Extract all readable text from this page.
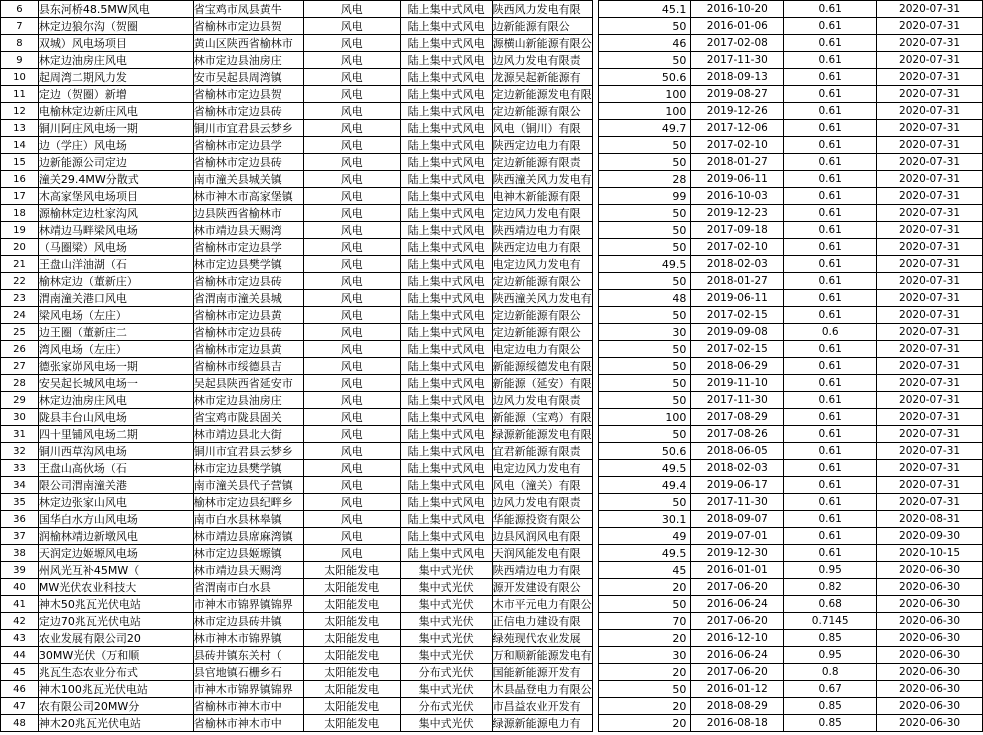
6	县东河桥48.5MW风电	省宝鸡市凤县黄牛	风电	陆上集中式风电	陕西风力发电有限		45.1	2016-10-20	0.61	2020-07-31
7	林定边狼尔沟（贺圈	省榆林市定边县贺	风电	陆上集中式风电	边新能源有限公		50	2016-01-06	0.61	2020-07-31
8	双城）风电场项目	黄山区陕西省榆林市	风电	陆上集中式风电	源横山新能源有限公		46	2017-02-08	0.61	2020-07-31
9	林定边油房庄风电	林市定边县油房庄	风电	陆上集中式风电	边风力发电有限责		50	2017-11-30	0.61	2020-07-31
10	起周湾二期风力发	安市吴起县周湾镇	风电	陆上集中式风电	龙源吴起新能源有		50.6	2018-09-13	0.61	2020-07-31
11	定边（贺圈）新增	省榆林市定边县贺	风电	陆上集中式风电	定边新能源发电有限		100	2019-08-27	0.61	2020-07-31
12	电榆林定边新庄风电	省榆林市定边县砖	风电	陆上集中式风电	定边新能源有限公		100	2019-12-26	0.61	2020-07-31
13	铜川阿庄风电场一期	铜川市宜君县云梦乡	风电	陆上集中式风电	风电（铜川）有限		49.7	2017-12-06	0.61	2020-07-31
14	边（学庄）风电场	省榆林市定边县学	风电	陆上集中式风电	陕西定边电力有限		50	2017-02-10	0.61	2020-07-31
15	边新能源公司定边	省榆林市定边县砖	风电	陆上集中式风电	定边新能源有限责		50	2018-01-27	0.61	2020-07-31
16	潼关29.4MW分散式	南市潼关县城关镇	风电	陆上集中式风电	陕西潼关风力发电有		28	2019-06-11	0.61	2020-07-31
17	木高家堡风电场项目	林市神木市高家堡镇	风电	陆上集中式风电	电神木新能源有限		99	2016-10-03	0.61	2020-07-31
18	源榆林定边杜家沟风	边县陕西省榆林市	风电	陆上集中式风电	定边风力发电有限		50	2019-12-23	0.61	2020-07-31
19	林靖边马畔梁风电场	林市靖边县天赐湾	风电	陆上集中式风电	陕西靖边电力有限		50	2017-09-18	0.61	2020-07-31
20	（马圈梁）风电场	省榆林市定边县学	风电	陆上集中式风电	陕西定边电力有限		50	2017-02-10	0.61	2020-07-31
21	王盘山洋油湖（石	林市定边县樊学镇	风电	陆上集中式风电	电定边风力发电有		49.5	2018-02-03	0.61	2020-07-31
22	榆林定边（董新庄）	省榆林市定边县砖	风电	陆上集中式风电	定边新能源有限公		50	2018-01-27	0.61	2020-07-31
23	渭南潼关港口风电	省渭南市潼关县城	风电	陆上集中式风电	陕西潼关风力发电有		48	2019-06-11	0.61	2020-07-31
24	梁风电场（左庄）	省榆林市定边县黄	风电	陆上集中式风电	定边新能源有限公		50	2017-02-15	0.61	2020-07-31
25	边王圈（董新庄二	省榆林市定边县砖	风电	陆上集中式风电	定边新能源有限公		30	2019-09-08	0.6	2020-07-31
26	湾风电场（左庄）	省榆林市定边县黄	风电	陆上集中式风电	电定边电力有限公		50	2017-02-15	0.61	2020-07-31
27	德张家峁风电场一期	省榆林市绥德县吉	风电	陆上集中式风电	新能源绥德发电有限		50	2018-06-29	0.61	2020-07-31
28	安吴起长城风电场一	吴起县陕西省延安市	风电	陆上集中式风电	新能源（延安）有限		50	2019-11-10	0.61	2020-07-31
29	林定边油房庄风电	林市定边县油房庄	风电	陆上集中式风电	边风力发电有限责		50	2017-11-30	0.61	2020-07-31
30	陇县丰台山风电场	省宝鸡市陇县固关	风电	陆上集中式风电	新能源（宝鸡）有限		100	2017-08-29	0.61	2020-07-31
31	四十里铺风电场二期	林市靖边县北大街	风电	陆上集中式风电	绿源新能源发电有限		50	2017-08-26	0.61	2020-07-31
32	铜川西草沟风电场	铜川市宜君县云梦乡	风电	陆上集中式风电	宜君新能源有限责		50.6	2018-06-05	0.61	2020-07-31
33	王盘山高伙场（石	林市定边县樊学镇	风电	陆上集中式风电	电定边风力发电有		49.5	2018-02-03	0.61	2020-07-31
34	限公司渭南潼关港	南市潼关县代子营镇	风电	陆上集中式风电	风电（潼关）有限		49.4	2019-06-17	0.61	2020-07-31
35	林定边张家山风电	榆林市定边县纪畔乡	风电	陆上集中式风电	边风力发电有限责		50	2017-11-30	0.61	2020-07-31
36	国华白水方山风电场	南市白水县林皋镇	风电	陆上集中式风电	华能源投资有限公		30.1	2018-09-07	0.61	2020-08-31
37	润榆林靖边新墩风电	林市靖边县席麻湾镇	风电	陆上集中式风电	边县风润风电有限		49	2019-07-01	0.61	2020-09-30
38	天润定边姬塬风电场	林市定边县姬塬镇	风电	陆上集中式风电	天润风能发电有限		49.5	2019-12-30	0.61	2020-10-15
39	州风光互补45MW（	林市靖边县天赐湾	太阳能发电	集中式光伏	陕西靖边电力有限		45	2016-01-01	0.95	2020-06-30
40	MW光伏农业科技大	省渭南市白水县	太阳能发电	集中式光伏	源开发建设有限公		20	2017-06-20	0.82	2020-06-30
41	神木50兆瓦光伏电站	市神木市锦界镇锦界	太阳能发电	集中式光伏	木市平元电力有限公		50	2016-06-24	0.68	2020-06-30
42	定边70兆瓦光伏电站	林市定边县砖井镇	太阳能发电	集中式光伏	正信电力建设有限		70	2017-06-20	0.7145	2020-06-30
43	农业发展有限公司20	林市神木市锦界镇	太阳能发电	集中式光伏	绿苑现代农业发展		20	2016-12-10	0.85	2020-06-30
44	30MW光伏（万和顺	县砖井镇东关村（	太阳能发电	集中式光伏	万和顺新能源发电有		30	2016-06-24	0.95	2020-06-30
45	兆瓦生态农业分布式	县官地镇石栅乡石	太阳能发电	分布式光伏	国能新能源开发有		20	2017-06-20	0.8	2020-06-30
46	神木100兆瓦光伏电站	市神木市锦界镇锦界	太阳能发电	集中式光伏	木县晶登电力有限公		50	2016-01-12	0.67	2020-06-30
47	农有限公司20MW分	省榆林市神木市中	太阳能发电	分布式光伏	市昌益农业开发有		20	2018-08-29	0.85	2020-06-30
48	神木20兆瓦光伏电站	省榆林市神木市中	太阳能发电	集中式光伏	绿源新能源电力有		20	2016-08-18	0.85	2020-06-30
